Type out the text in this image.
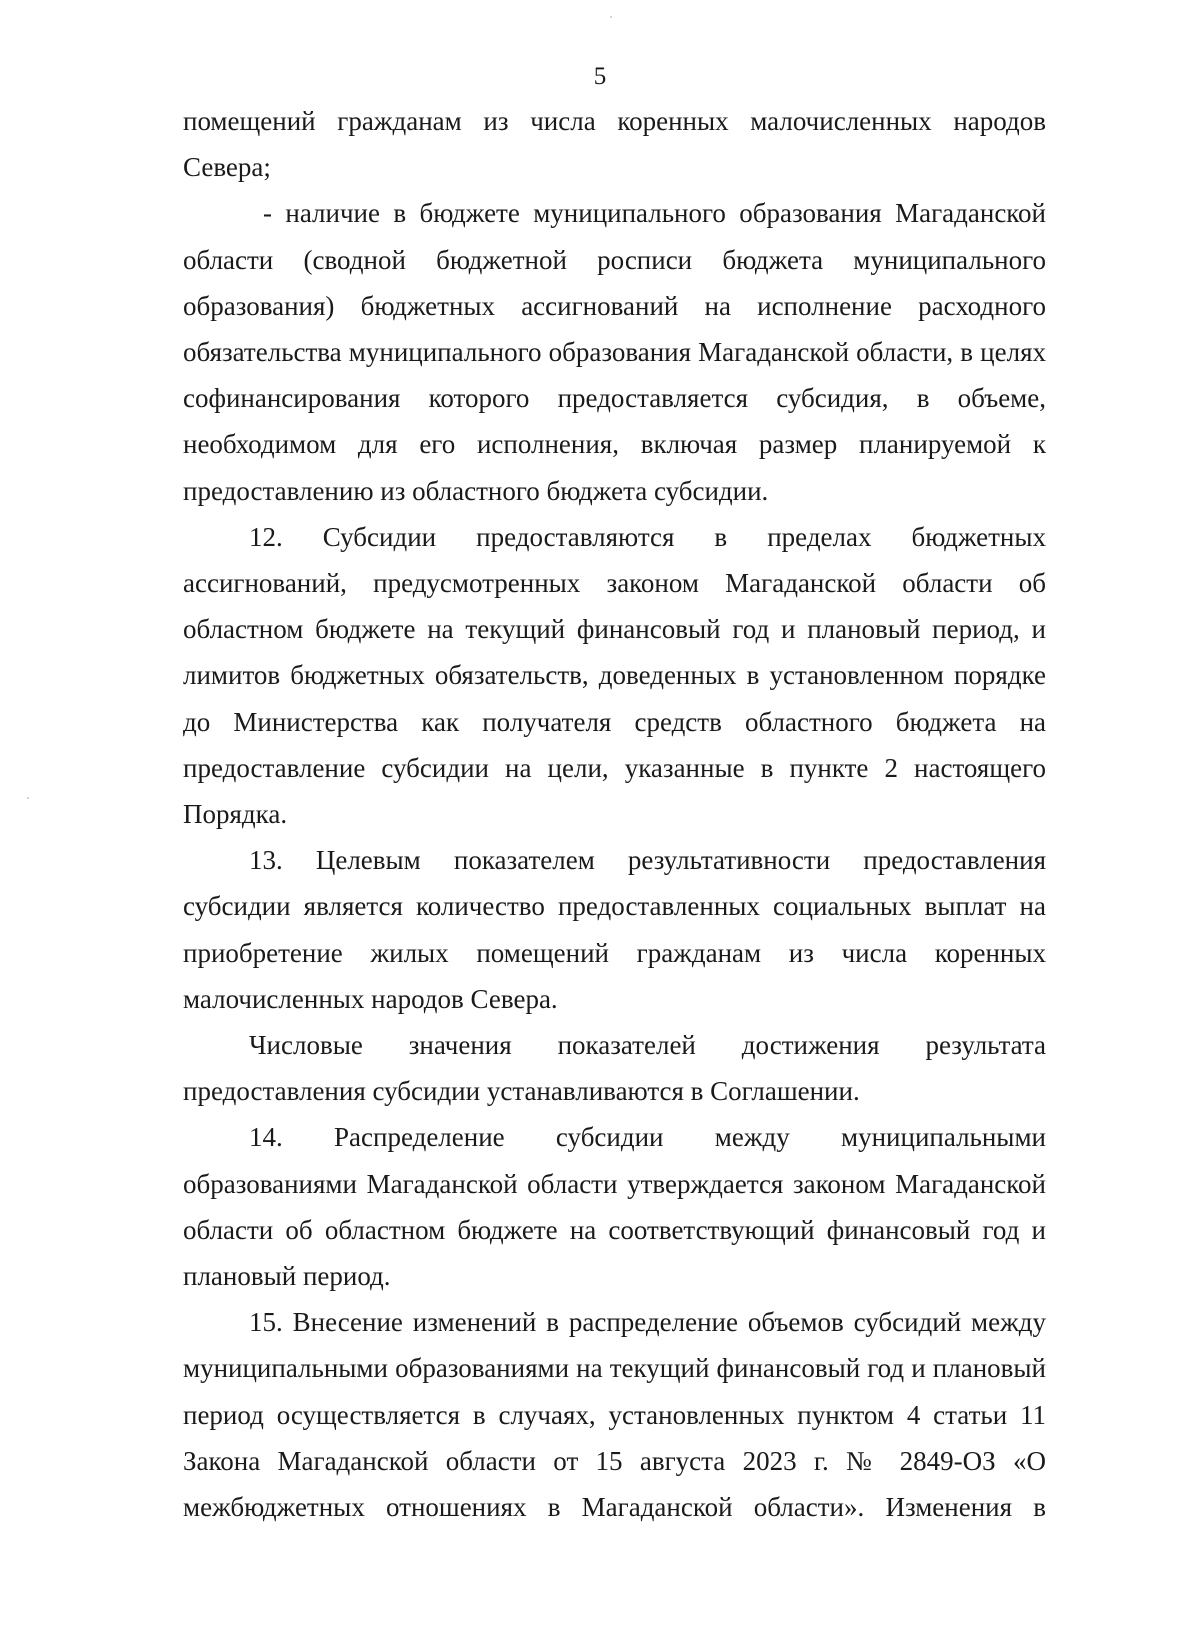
5

помещений гражданам из числа коренных малочисленных народов Севера;

- наличие в бюджете муниципального образования Магаданской области (сводной бюджетной росписи бюджета муниципального образования) бюджетных ассигнований на исполнение расходного обязательства муниципального образования Магаданской области, в целях софинансирования которого предоставляется субсидия, в объеме, необходимом для его исполнения, включая размер планируемой к предоставлению из областного бюджета субсидии.

12. Субсидии предоставляются в пределах бюджетных ассигнований, предусмотренных законом Магаданской области об областном бюджете на текущий финансовый год и плановый период, и лимитов бюджетных обязательств, доведенных в установленном порядке до Министерства как получателя средств областного бюджета на предоставление субсидии на цели, указанные в пункте 2 настоящего Порядка.

13. Целевым показателем результативности предоставления субсидии является количество предоставленных социальных выплат на приобретение жилых помещений гражданам из числа коренных малочисленных народов Севера.

Числовые значения показателей достижения результата предоставления субсидии устанавливаются в Соглашении.

14. Распределение субсидии между муниципальными образованиями Магаданской области утверждается законом Магаданской области об областном бюджете на соответствующий финансовый год и плановый период.

15. Внесение изменений в распределение объемов субсидий между муниципальными образованиями на текущий финансовый год и плановый период осуществляется в случаях, установленных пунктом 4 статьи 11 Закона Магаданской области от 15 августа 2023 г. № 2849-ОЗ «О межбюджетных отношениях в Магаданской области». Изменения в
